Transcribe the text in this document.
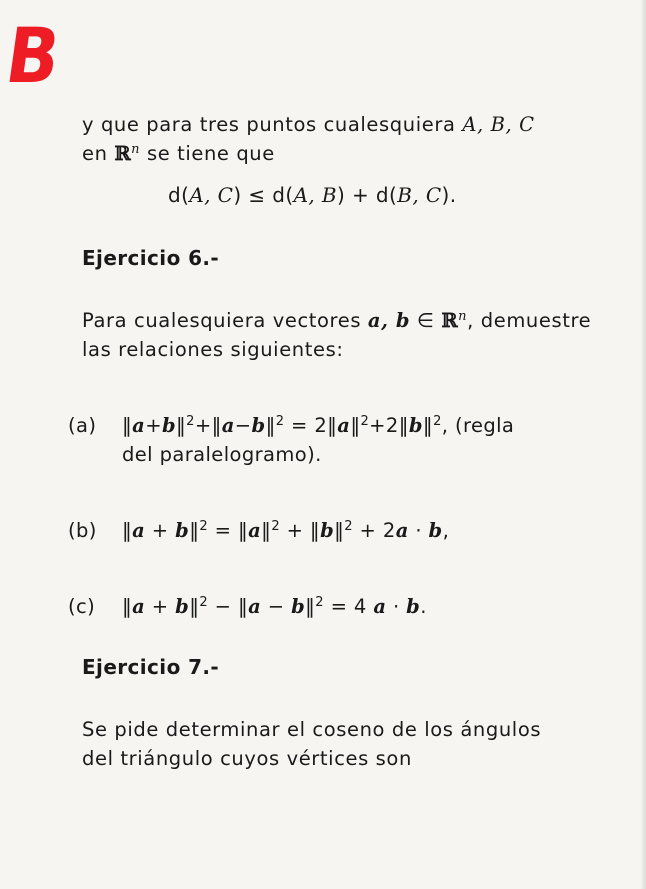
B
y que para tres puntos cualesquiera A, B, C
en ℝ$^n$ se tiene que
d(A, C) ≤ d(A, B) + d(B, C).
Ejercicio 6.-
Para cualesquiera vectores a, b ∈ ℝ$^n$, demuestre
las relaciones siguientes:
(a) ‖a+b‖$^2$+‖a−b‖$^2$ = 2‖a‖$^2$+2‖b‖$^2$, (regla
del paralelogramo).
(b) ‖a + b‖$^2$ = ‖a‖$^2$ + ‖b‖$^2$ + 2a · b,
(c) ‖a + b‖$^2$ − ‖a − b‖$^2$ = 4 a · b.
Ejercicio 7.-
Se pide determinar el coseno de los ángulos
del triángulo cuyos vértices son
